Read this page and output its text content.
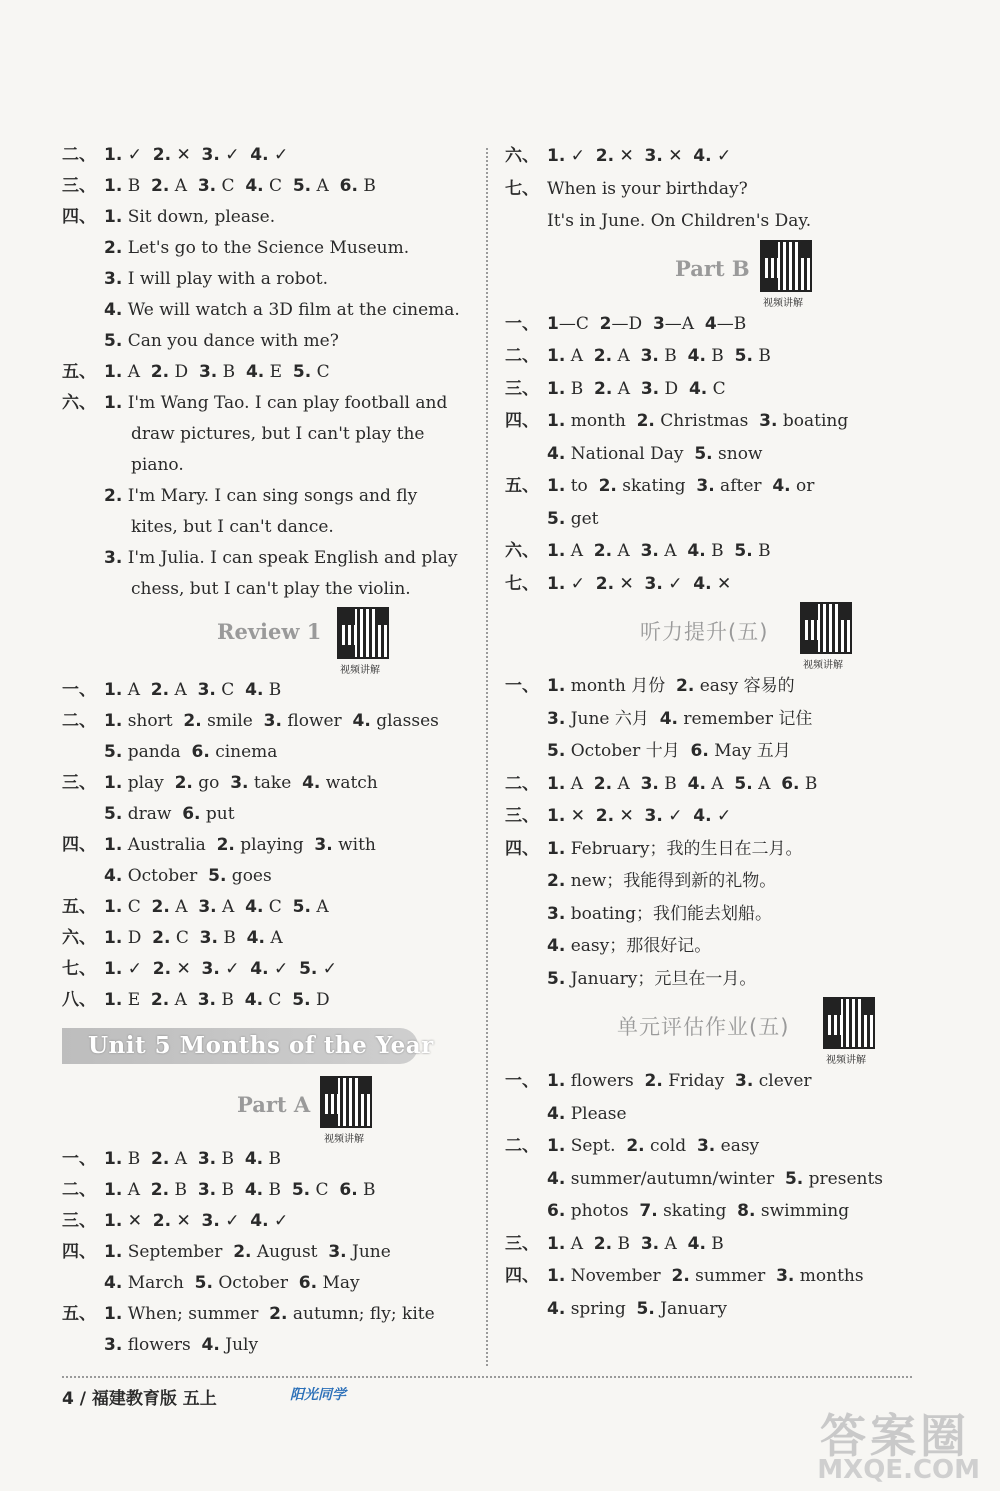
二、 1. ✓  2. ✕  3. ✓  4. ✓
三、 1. B  2. A  3. C  4. C  5. A  6. B
四、 1. Sit down, please.
2. Let's go to the Science Museum.
3. I will play with a robot.
4. We will watch a 3D film at the cinema.
5. Can you dance with me?
五、 1. A  2. D  3. B  4. E  5. C
六、 1. I'm Wang Tao. I can play football and
draw pictures, but I can't play the
piano.
2. I'm Mary. I can sing songs and fly
kites, but I can't dance.
3. I'm Julia. I can speak English and play
chess, but I can't play the violin.
Review 1
视频讲解
一、 1. A  2. A  3. C  4. B
二、 1. short  2. smile  3. flower  4. glasses
5. panda  6. cinema
三、 1. play  2. go  3. take  4. watch
5. draw  6. put
四、 1. Australia  2. playing  3. with
4. October  5. goes
五、 1. C  2. A  3. A  4. C  5. A
六、 1. D  2. C  3. B  4. A
七、 1. ✓  2. ✕  3. ✓  4. ✓  5. ✓
八、 1. E  2. A  3. B  4. C  5. D
Unit 5 Months of the Year
Part A
视频讲解
一、 1. B  2. A  3. B  4. B
二、 1. A  2. B  3. B  4. B  5. C  6. B
三、 1. ✕  2. ✕  3. ✓  4. ✓
四、 1. September  2. August  3. June
4. March  5. October  6. May
五、 1. When; summer  2. autumn; fly; kite
3. flowers  4. July
六、 1. ✓  2. ✕  3. ✕  4. ✓
七、 When is your birthday?
It's in June. On Children's Day.
Part B
视频讲解
一、 1—C  2—D  3—A  4—B
二、 1. A  2. A  3. B  4. B  5. B
三、 1. B  2. A  3. D  4. C
四、 1. month  2. Christmas  3. boating
4. National Day  5. snow
五、 1. to  2. skating  3. after  4. or
5. get
六、 1. A  2. A  3. A  4. B  5. B
七、 1. ✓  2. ✕  3. ✓  4. ✕
听力提升(五)
视频讲解
一、 1. month 月份  2. easy 容易的
3. June 六月  4. remember 记住
5. October 十月  6. May 五月
二、 1. A  2. A  3. B  4. A  5. A  6. B
三、 1. ✕  2. ✕  3. ✓  4. ✓
四、 1. February；我的生日在二月。
2. new；我能得到新的礼物。
3. boating；我们能去划船。
4. easy；那很好记。
5. January；元旦在一月。
单元评估作业(五)
视频讲解
一、 1. flowers  2. Friday  3. clever
4. Please
二、 1. Sept.  2. cold  3. easy
4. summer/autumn/winter  5. presents
6. photos  7. skating  8. swimming
三、 1. A  2. B  3. A  4. B
四、 1. November  2. summer  3. months
4. spring  5. January
4 / 福建教育版 五上	阳光同学
答案圈
MXQE.COM
